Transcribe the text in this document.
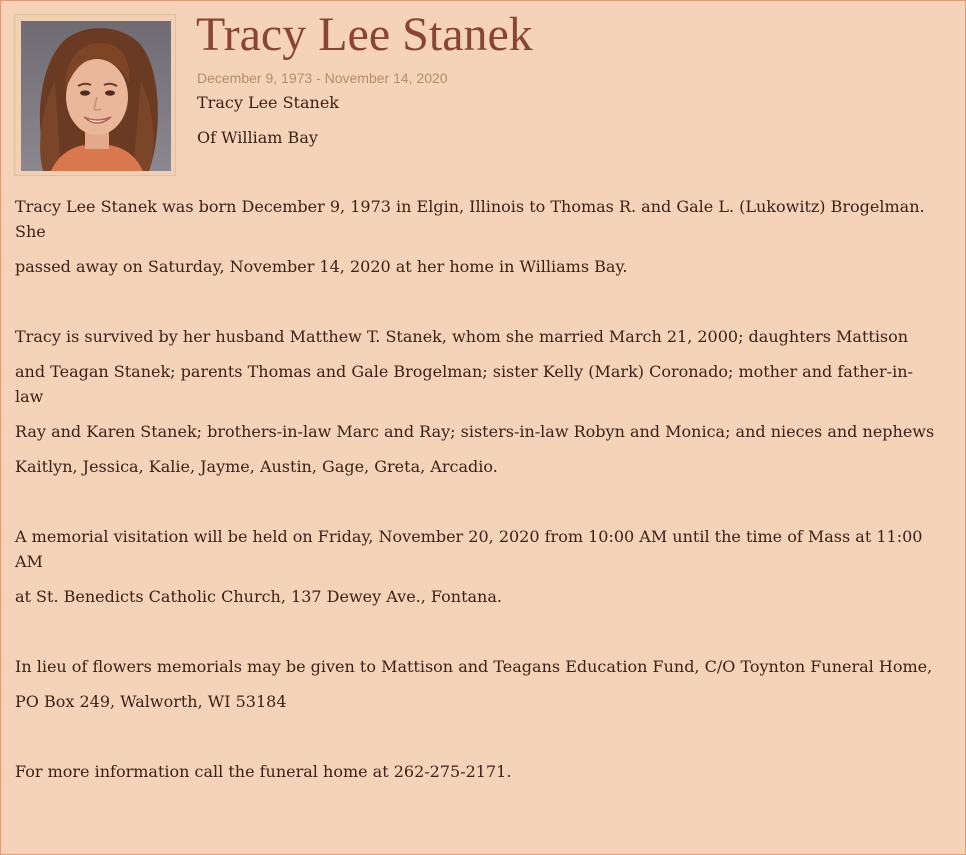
Tracy Lee Stanek
December 9, 1973 - November 14, 2020
Tracy Lee Stanek
Of William Bay

Tracy Lee Stanek was born December 9, 1973 in Elgin, Illinois to Thomas R. and Gale L. (Lukowitz) Brogelman. She

passed away on Saturday, November 14, 2020 at her home in Williams Bay.

Tracy is survived by her husband Matthew T. Stanek, whom she married March 21, 2000; daughters Mattison

and Teagan Stanek; parents Thomas and Gale Brogelman; sister Kelly (Mark) Coronado; mother and father-in-law

Ray and Karen Stanek; brothers-in-law Marc and Ray; sisters-in-law Robyn and Monica; and nieces and nephews

Kaitlyn, Jessica, Kalie, Jayme, Austin, Gage, Greta, Arcadio.

A memorial visitation will be held on Friday, November 20, 2020 from 10:00 AM until the time of Mass at 11:00 AM

at St. Benedicts Catholic Church, 137 Dewey Ave., Fontana.

In lieu of flowers memorials may be given to Mattison and Teagans Education Fund, C/O Toynton Funeral Home,

PO Box 249, Walworth, WI 53184

For more information call the funeral home at 262-275-2171.
